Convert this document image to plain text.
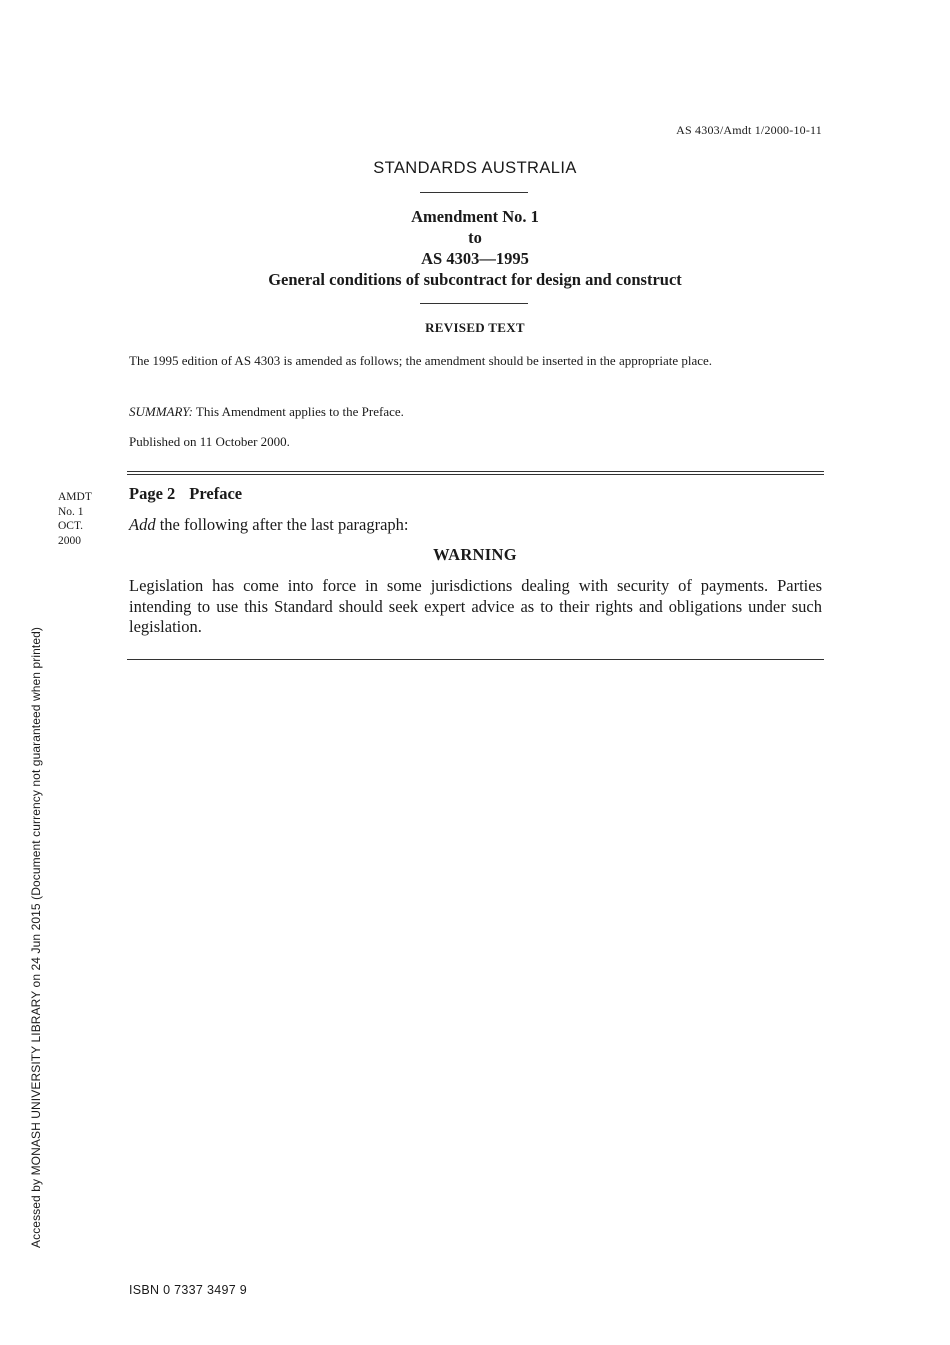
AS 4303/Amdt 1/2000-10-11
STANDARDS AUSTRALIA
Amendment No. 1
to
AS 4303—1995
General conditions of subcontract for design and construct
REVISED TEXT
The 1995 edition of AS 4303 is amended as follows; the amendment should be inserted in the appropriate place.
SUMMARY: This Amendment applies to the Preface.
Published on 11 October 2000.
AMDT
No. 1
OCT.
2000
Page 2 Preface
Add the following after the last paragraph:
WARNING
Legislation has come into force in some jurisdictions dealing with security of payments. Parties intending to use this Standard should seek expert advice as to their rights and obligations under such legislation.
Accessed by MONASH UNIVERSITY LIBRARY on 24 Jun 2015 (Document currency not guaranteed when printed)
ISBN 0 7337 3497 9
